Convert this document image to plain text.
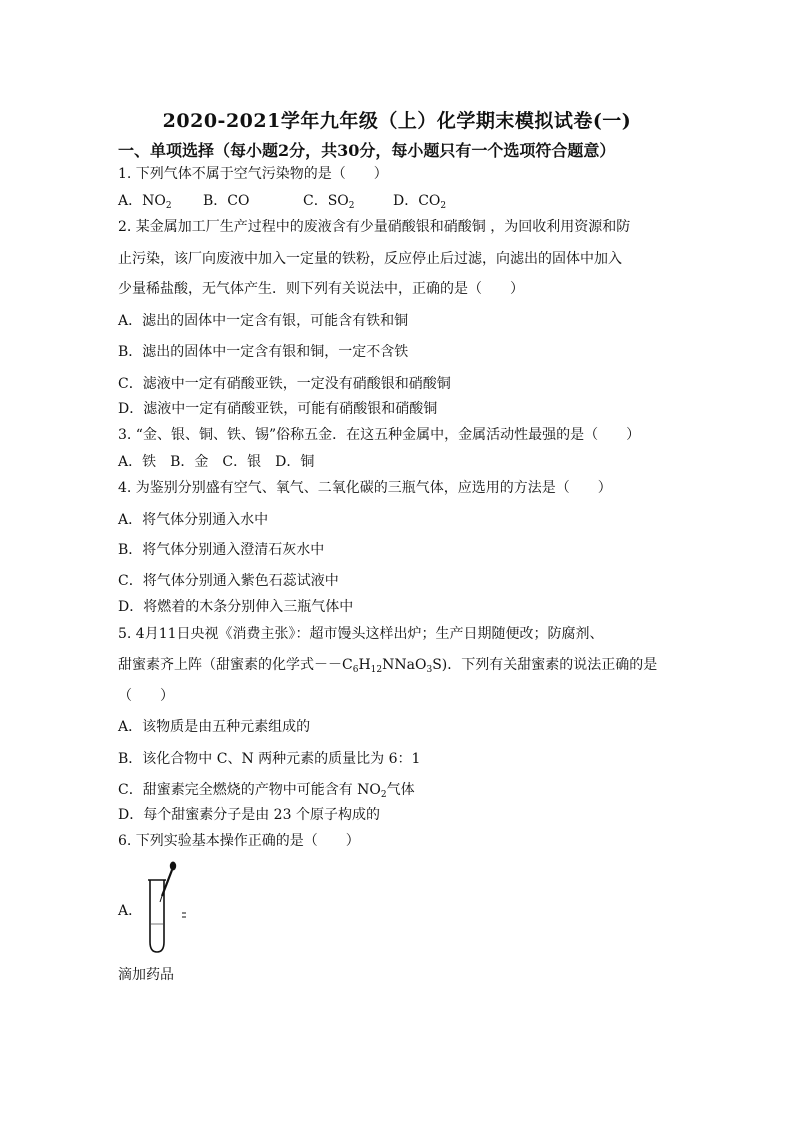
2020-2021学年九年级（上）化学期末模拟试卷(一)
一、单项选择（每小题2分，共30分，每小题只有一个选项符合题意）
1. 下列气体不属于空气污染物的是（　　）
A．$NO_2$ B．CO	C．$SO_2$	D．$CO_2$
2. 某金属加工厂生产过程中的废液含有少量硝酸银和硝酸铜 ，为回收利用资源和防
止污染，该厂向废液中加入一定量的铁粉，反应停止后过滤，向滤出的固体中加入
少量稀盐酸，无气体产生．则下列有关说法中，正确的是（　　）
A．滤出的固体中一定含有银，可能含有铁和铜
B．滤出的固体中一定含有银和铜，一定不含铁
C．滤液中一定有硝酸亚铁，一定没有硝酸银和硝酸铜
D．滤液中一定有硝酸亚铁，可能有硝酸银和硝酸铜
3. “金、银、铜、铁、锡”俗称五金．在这五种金属中，金属活动性最强的是（　　）
A．铁　B．金　C．银　D．铜
4. 为鉴别分别盛有空气、氧气、二氧化碳的三瓶气体，应选用的方法是（　　）
A．将气体分别通入水中
B．将气体分别通入澄清石灰水中
C．将气体分别通入紫色石蕊试液中
D．将燃着的木条分别伸入三瓶气体中
5. 4月11日央视《消费主张》：超市馒头这样出炉；生产日期随便改；防腐剂、
甜蜜素齐上阵（甜蜜素的化学式$--C_6H_{12}NNaO_3S$)．下列有关甜蜜素的说法正确的是
（　　）
A．该物质是由五种元素组成的
B．该化合物中 C、N 两种元素的质量比为 6：1
C．甜蜜素完全燃烧的产物中可能含有 $NO_2$气体
D．每个甜蜜素分子是由 23 个原子构成的
6. 下列实验基本操作正确的是（　　）
A．
滴加药品
